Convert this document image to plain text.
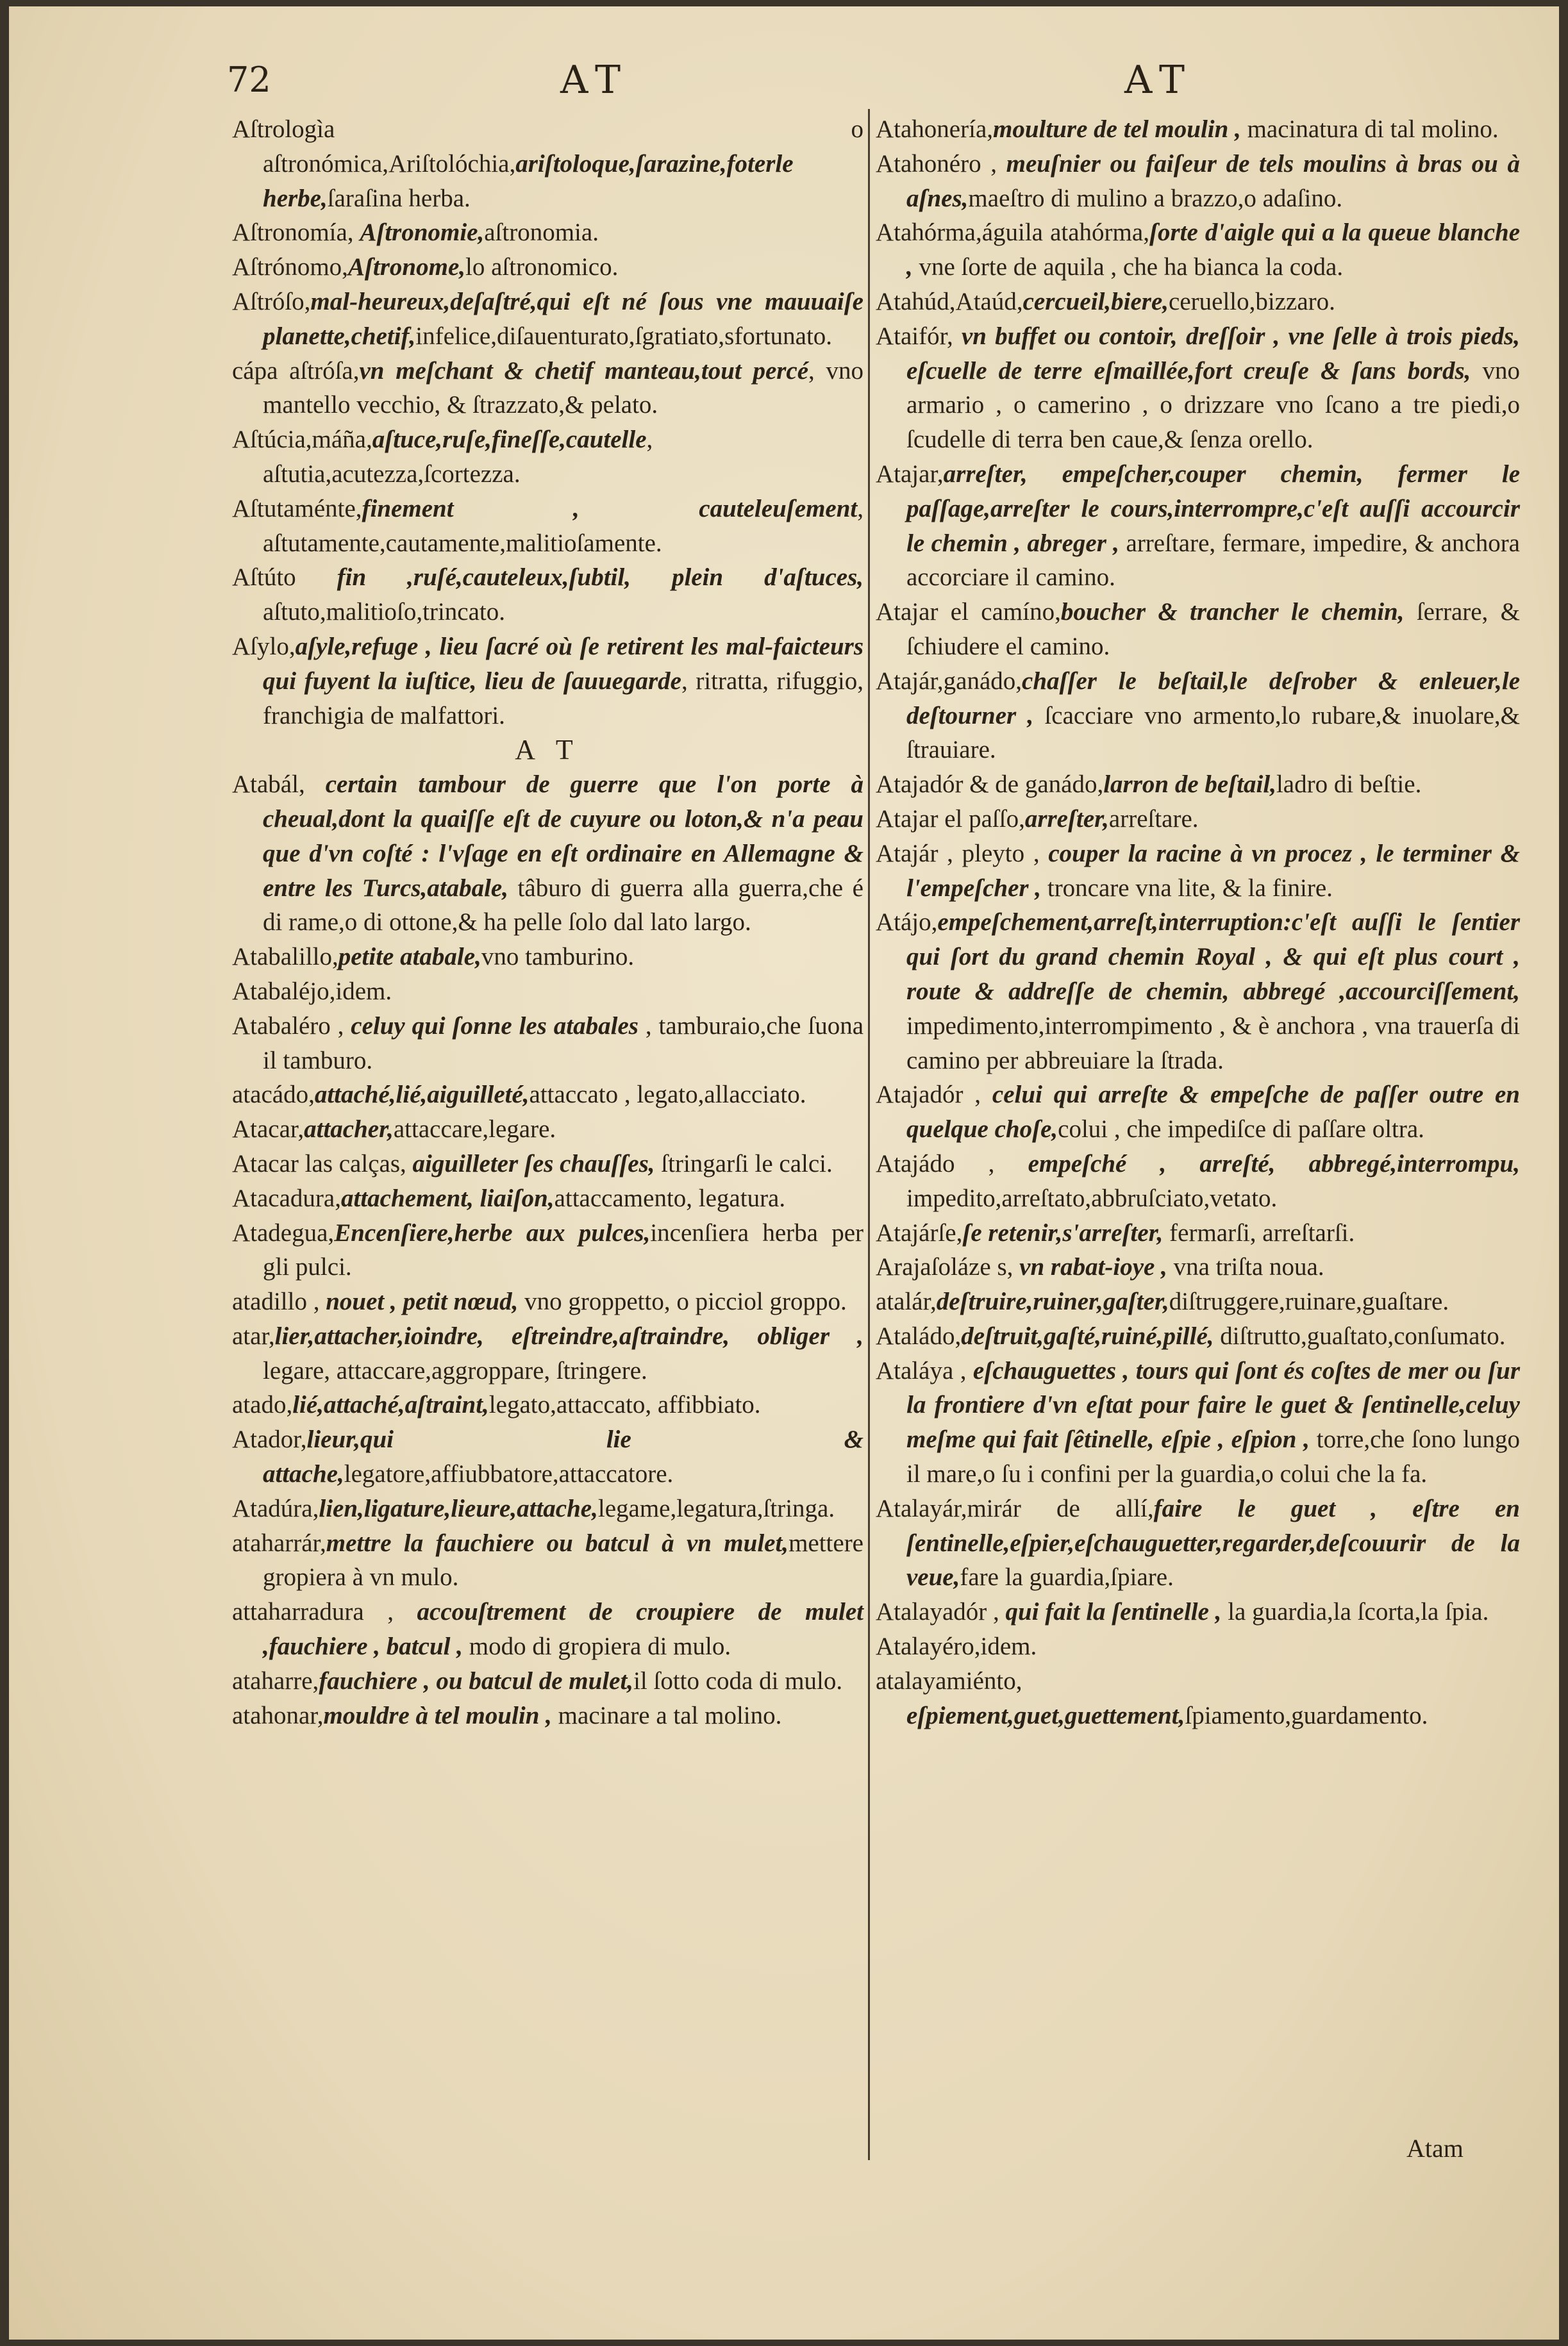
72	AT	AT

Aſtrologìa o aſtronómica,Ariſtolóchia,ariſtoloque,ſarazine,foterle herbe,ſaraſina herba.

Aſtronomía, Aſtronomie,aſtronomia.

Aſtrónomo,Aſtronome,lo aſtronomico.

Aſtróſo,mal-heureux,deſaſtré,qui eſt né ſous vne mauuaiſe planette,chetif,infelice,diſauenturato,ſgratiato,sfortunato.

cápa aſtróſa,vn meſchant & chetif manteau,tout percé, vno mantello vecchio, & ſtrazzato,& pelato.

Aſtúcia,máña,aſtuce,ruſe,fineſſe,cautelle, aſtutia,acutezza,ſcortezza.

Aſtutaménte,finement , cauteleuſement, aſtutamente,cautamente,malitioſamente.

Aſtúto fin ,ruſé,cauteleux,ſubtil, plein d'aſtuces, aſtuto,malitioſo,trincato.

Aſylo,aſyle,refuge , lieu ſacré où ſe retirent les mal-faicteurs qui fuyent la iuſtice, lieu de ſauuegarde, ritratta, rifuggio, franchigia de malfattori.

A T

Atabál, certain tambour de guerre que l'on porte à cheual,dont la quaiſſe eſt de cuyure ou loton,& n'a peau que d'vn coſté : l'vſage en eſt ordinaire en Allemagne & entre les Turcs,atabale, tâburo di guerra alla guerra,che é di rame,o di ottone,& ha pelle ſolo dal lato largo.

Atabalillo,petite atabale,vno tamburino.

Atabaléjo,idem.

Atabaléro , celuy qui ſonne les atabales , tamburaio,che ſuona il tamburo.

atacádo,attaché,lié,aiguilleté,attaccato , legato,allacciato.

Atacar,attacher,attaccare,legare.

Atacar las calças, aiguilleter ſes chauſſes, ſtringarſi le calci.

Atacadura,attachement, liaiſon,attaccamento, legatura.

Atadegua,Encenſiere,herbe aux pulces,incenſiera herba per gli pulci.

atadillo , nouet , petit nœud, vno groppetto, o picciol groppo.

atar,lier,attacher,ioindre, eſtreindre,aſtraindre, obliger , legare, attaccare,aggroppare, ſtringere.

atado,lié,attaché,aſtraint,legato,attaccato, affibbiato.

Atador,lieur,qui lie & attache,legatore,affiubbatore,attaccatore.

Atadúra,lien,ligature,lieure,attache,legame,legatura,ſtringa.

ataharrár,mettre la fauchiere ou batcul à vn mulet,mettere gropiera à vn mulo.

attaharradura , accouſtrement de croupiere de mulet ,fauchiere , batcul , modo di gropiera di mulo.

ataharre,fauchiere , ou batcul de mulet,il ſotto coda di mulo.

atahonar,mouldre à tel moulin , macinare a tal molino.

Atahonería,moulture de tel moulin , macinatura di tal molino.

Atahonéro , meuſnier ou faiſeur de tels moulins à bras ou à aſnes,maeſtro di mulino a brazzo,o adaſino.

Atahórma,águila atahórma,ſorte d'aigle qui a la queue blanche , vne ſorte de aquila , che ha bianca la coda.

Atahúd,Ataúd,cercueil,biere,ceruello,bizzaro.

Ataifór, vn buffet ou contoir, dreſſoir , vne ſelle à trois pieds, eſcuelle de terre eſmaillée,fort creuſe & ſans bords, vno armario , o camerino , o drizzare vno ſcano a tre piedi,o ſcudelle di terra ben caue,& ſenza orello.

Atajar,arreſter, empeſcher,couper chemin, fermer le paſſage,arreſter le cours,interrompre,c'eſt auſſi accourcir le chemin , abreger , arreſtare, fermare, impedire, & anchora accorciare il camino.

Atajar el camíno,boucher & trancher le chemin, ſerrare, & ſchiudere el camino.

Atajár,ganádo,chaſſer le beſtail,le deſrober & enleuer,le deſtourner , ſcacciare vno armento,lo rubare,& inuolare,& ſtrauiare.

Atajadór & de ganádo,larron de beſtail,ladro di beſtie.

Atajar el paſſo,arreſter,arreſtare.

Atajár , pleyto , couper la racine à vn procez , le terminer & l'empeſcher , troncare vna lite, & la finire.

Atájo,empeſchement,arreſt,interruption:c'eſt auſſi le ſentier qui ſort du grand chemin Royal , & qui eſt plus court , route & addreſſe de chemin, abbregé ,accourciſſement, impedimento,interrompimento , & è anchora , vna trauerſa di camino per abbreuiare la ſtrada.

Atajadór , celui qui arreſte & empeſche de paſſer outre en quelque choſe,colui , che impediſce di paſſare oltra.

Atajádo , empeſché , arreſté, abbregé,interrompu, impedito,arreſtato,abbruſciato,vetato.

Atajárſe,ſe retenir,s'arreſter, fermarſi, arreſtarſi.

Arajaſoláze s, vn rabat-ioye , vna triſta noua.

atalár,deſtruire,ruiner,gaſter,diſtruggere,ruinare,guaſtare.

Ataládo,deſtruit,gaſté,ruiné,pillé, diſtrutto,guaſtato,conſumato.

Ataláya , eſchauguettes , tours qui ſont és coſtes de mer ou ſur la frontiere d'vn eſtat pour faire le guet & ſentinelle,celuy meſme qui fait ſêtinelle, eſpie , eſpion , torre,che ſono lungo il mare,o ſu i confini per la guardia,o colui che la fa.

Atalayár,mirár de allí,faire le guet , eſtre en ſentinelle,eſpier,eſchauguetter,regarder,deſcouurir de la veue,fare la guardia,ſpiare.

Atalayadór , qui fait la ſentinelle , la guardia,la ſcorta,la ſpia.

Atalayéro,idem.

atalayamiénto, eſpiement,guet,guettement,ſpiamento,guardamento.

Atam
